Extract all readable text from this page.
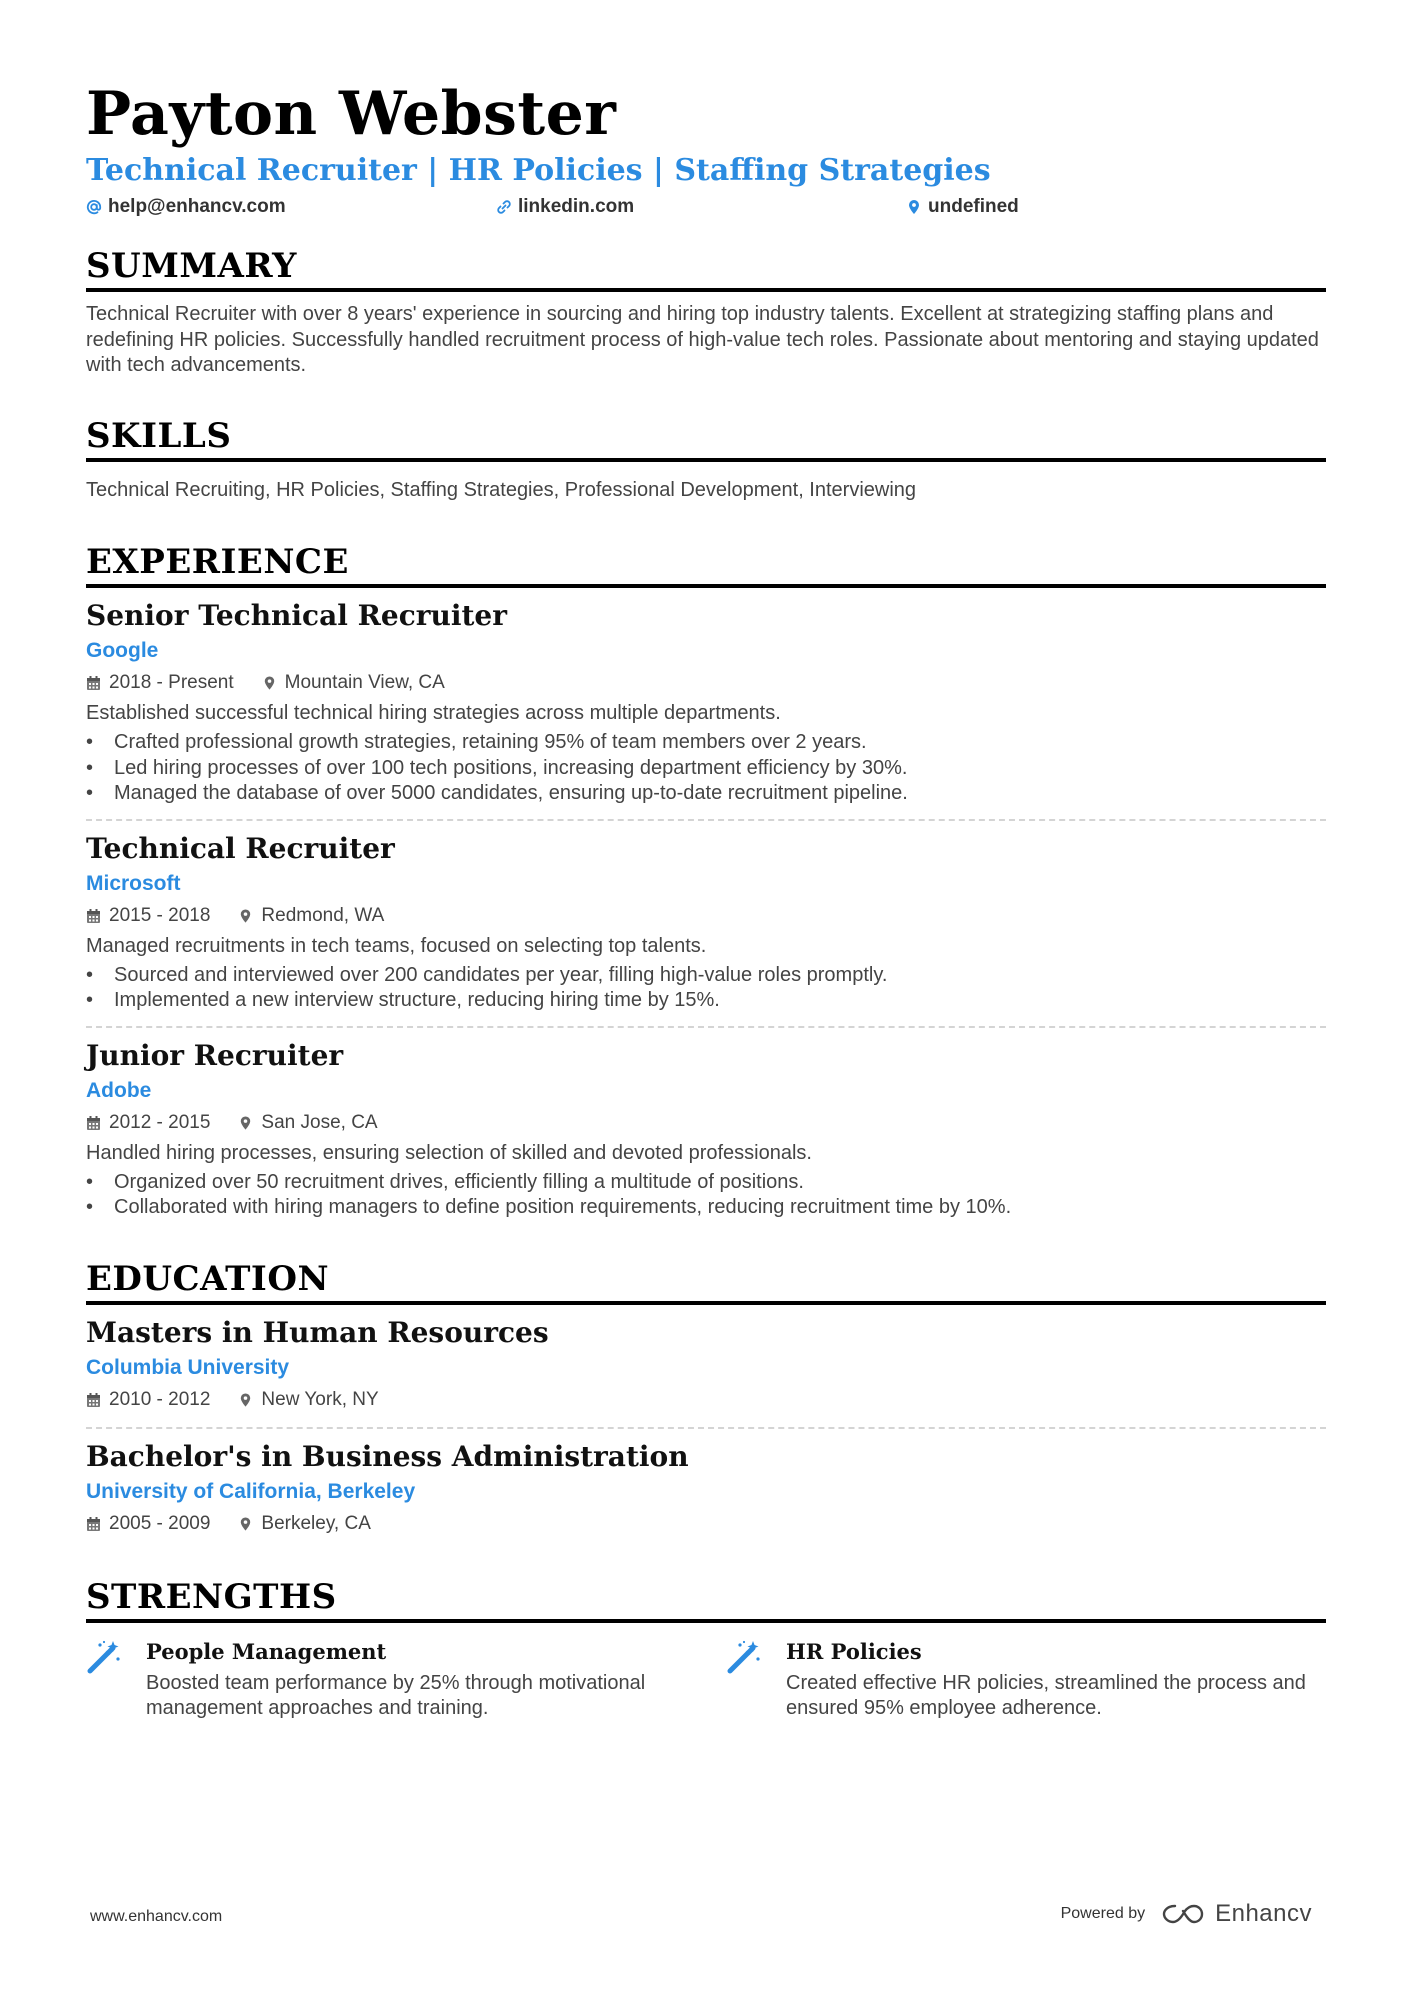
Payton Webster
Technical Recruiter | HR Policies | Staffing Strategies
help@enhancv.com	linkedin.com	undefined
SUMMARY
Technical Recruiter with over 8 years' experience in sourcing and hiring top industry talents. Excellent at strategizing staffing plans and redefining HR policies. Successfully handled recruitment process of high-value tech roles. Passionate about mentoring and staying updated with tech advancements.
SKILLS
Technical Recruiting, HR Policies, Staffing Strategies, Professional Development, Interviewing
EXPERIENCE
Senior Technical Recruiter
Google
2018 - Present	Mountain View, CA
Established successful technical hiring strategies across multiple departments.
• Crafted professional growth strategies, retaining 95% of team members over 2 years.
• Led hiring processes of over 100 tech positions, increasing department efficiency by 30%.
• Managed the database of over 5000 candidates, ensuring up-to-date recruitment pipeline.
Technical Recruiter
Microsoft
2015 - 2018	Redmond, WA
Managed recruitments in tech teams, focused on selecting top talents.
• Sourced and interviewed over 200 candidates per year, filling high-value roles promptly.
• Implemented a new interview structure, reducing hiring time by 15%.
Junior Recruiter
Adobe
2012 - 2015	San Jose, CA
Handled hiring processes, ensuring selection of skilled and devoted professionals.
• Organized over 50 recruitment drives, efficiently filling a multitude of positions.
• Collaborated with hiring managers to define position requirements, reducing recruitment time by 10%.
EDUCATION
Masters in Human Resources
Columbia University
2010 - 2012	New York, NY
Bachelor's in Business Administration
University of California, Berkeley
2005 - 2009	Berkeley, CA
STRENGTHS
People Management
Boosted team performance by 25% through motivational management approaches and training.
HR Policies
Created effective HR policies, streamlined the process and ensured 95% employee adherence.
www.enhancv.com	Powered by	Enhancv
